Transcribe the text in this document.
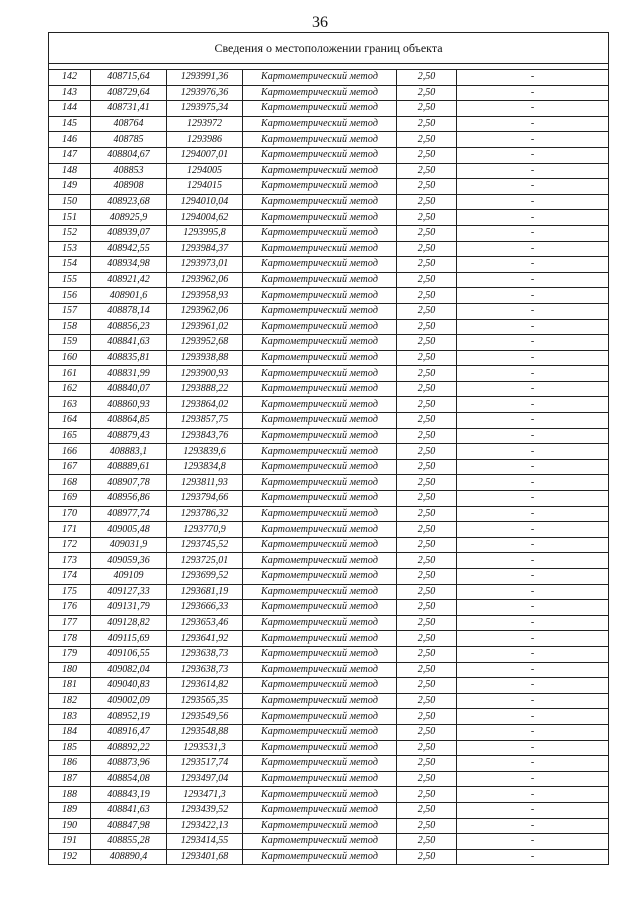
36
Сведения о местоположении границ объекта					

142	408715,64	1293991,36	Картометрический метод	2,50	-
143	408729,64	1293976,36	Картометрический метод	2,50	-
144	408731,41	1293975,34	Картометрический метод	2,50	-
145	408764	1293972	Картометрический метод	2,50	-
146	408785	1293986	Картометрический метод	2,50	-
147	408804,67	1294007,01	Картометрический метод	2,50	-
148	408853	1294005	Картометрический метод	2,50	-
149	408908	1294015	Картометрический метод	2,50	-
150	408923,68	1294010,04	Картометрический метод	2,50	-
151	408925,9	1294004,62	Картометрический метод	2,50	-
152	408939,07	1293995,8	Картометрический метод	2,50	-
153	408942,55	1293984,37	Картометрический метод	2,50	-
154	408934,98	1293973,01	Картометрический метод	2,50	-
155	408921,42	1293962,06	Картометрический метод	2,50	-
156	408901,6	1293958,93	Картометрический метод	2,50	-
157	408878,14	1293962,06	Картометрический метод	2,50	-
158	408856,23	1293961,02	Картометрический метод	2,50	-
159	408841,63	1293952,68	Картометрический метод	2,50	-
160	408835,81	1293938,88	Картометрический метод	2,50	-
161	408831,99	1293900,93	Картометрический метод	2,50	-
162	408840,07	1293888,22	Картометрический метод	2,50	-
163	408860,93	1293864,02	Картометрический метод	2,50	-
164	408864,85	1293857,75	Картометрический метод	2,50	-
165	408879,43	1293843,76	Картометрический метод	2,50	-
166	408883,1	1293839,6	Картометрический метод	2,50	-
167	408889,61	1293834,8	Картометрический метод	2,50	-
168	408907,78	1293811,93	Картометрический метод	2,50	-
169	408956,86	1293794,66	Картометрический метод	2,50	-
170	408977,74	1293786,32	Картометрический метод	2,50	-
171	409005,48	1293770,9	Картометрический метод	2,50	-
172	409031,9	1293745,52	Картометрический метод	2,50	-
173	409059,36	1293725,01	Картометрический метод	2,50	-
174	409109	1293699,52	Картометрический метод	2,50	-
175	409127,33	1293681,19	Картометрический метод	2,50	-
176	409131,79	1293666,33	Картометрический метод	2,50	-
177	409128,82	1293653,46	Картометрический метод	2,50	-
178	409115,69	1293641,92	Картометрический метод	2,50	-
179	409106,55	1293638,73	Картометрический метод	2,50	-
180	409082,04	1293638,73	Картометрический метод	2,50	-
181	409040,83	1293614,82	Картометрический метод	2,50	-
182	409002,09	1293565,35	Картометрический метод	2,50	-
183	408952,19	1293549,56	Картометрический метод	2,50	-
184	408916,47	1293548,88	Картометрический метод	2,50	-
185	408892,22	1293531,3	Картометрический метод	2,50	-
186	408873,96	1293517,74	Картометрический метод	2,50	-
187	408854,08	1293497,04	Картометрический метод	2,50	-
188	408843,19	1293471,3	Картометрический метод	2,50	-
189	408841,63	1293439,52	Картометрический метод	2,50	-
190	408847,98	1293422,13	Картометрический метод	2,50	-
191	408855,28	1293414,55	Картометрический метод	2,50	-
192	408890,4	1293401,68	Картометрический метод	2,50	-
